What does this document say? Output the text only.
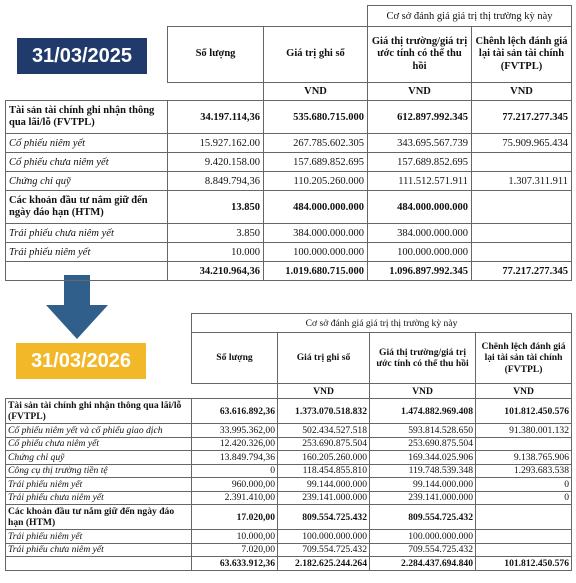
31/03/2025
31/03/2026
			Cơ sở đánh giá giá trị thị trường kỳ này	
	Số lượng	Giá trị ghi sổ	Giá thị trường/giá trị ước tính có thể thu hồi	Chênh lệch đánh giá lại tài sản tài chính (FVTPL)
		VND	VND	VND
Tài sản tài chính ghi nhận thông qua lãi/lỗ (FVTPL)	34.197.114,36	535.680.715.000	612.897.992.345	77.217.277.345
Cổ phiếu niêm yết	15.927.162.00	267.785.602.305	343.695.567.739	75.909.965.434
Cổ phiếu chưa niêm yết	9.420.158.00	157.689.852.695	157.689.852.695	
Chứng chỉ quỹ	8.849.794,36	110.205.260.000	111.512.571.911	1.307.311.911
Các khoản đầu tư nắm giữ đến ngày đáo hạn (HTM)	13.850	484.000.000.000	484.000.000.000	
Trái phiếu chưa niêm yết	3.850	384.000.000.000	384.000.000.000	
Trái phiếu niêm yết	10.000	100.000.000.000	100.000.000.000	
	34.210.964,36	1.019.680.715.000	1.096.897.992.345	77.217.277.345
	Cơ sở đánh giá giá trị thị trường kỳ này			
	Số lượng	Giá trị ghi sổ	Giá thị trường/giá trị ước tính có thể thu hồi	Chênh lệch đánh giá lại tài sản tài chính (FVTPL)
		VND	VND	VND
Tài sản tài chính ghi nhận thông qua lãi/lỗ (FVTPL)	63.616.892,36	1.373.070.518.832	1.474.882.969.408	101.812.450.576
Cổ phiếu niêm yết và cổ phiếu giao dịch	33.995.362,00	502.434.527.518	593.814.528.650	91.380.001.132
Cổ phiếu chưa niêm yết	12.420.326,00	253.690.875.504	253.690.875.504	
Chứng chỉ quỹ	13.849.794,36	160.205.260.000	169.344.025.906	9.138.765.906
Công cụ thị trường tiền tệ	0	118.454.855.810	119.748.539.348	1.293.683.538
Trái phiếu niêm yết	960.000,00	99.144.000.000	99.144.000.000	0
Trái phiếu chưa niêm yết	2.391.410,00	239.141.000.000	239.141.000.000	0
Các khoản đầu tư nắm giữ đến ngày đáo hạn (HTM)	17.020,00	809.554.725.432	809.554.725.432	
Trái phiếu niêm yết	10.000,00	100.000.000.000	100.000.000.000	
Trái phiếu chưa niêm yết	7.020,00	709.554.725.432	709.554.725.432	
	63.633.912,36	2.182.625.244.264	2.284.437.694.840	101.812.450.576
